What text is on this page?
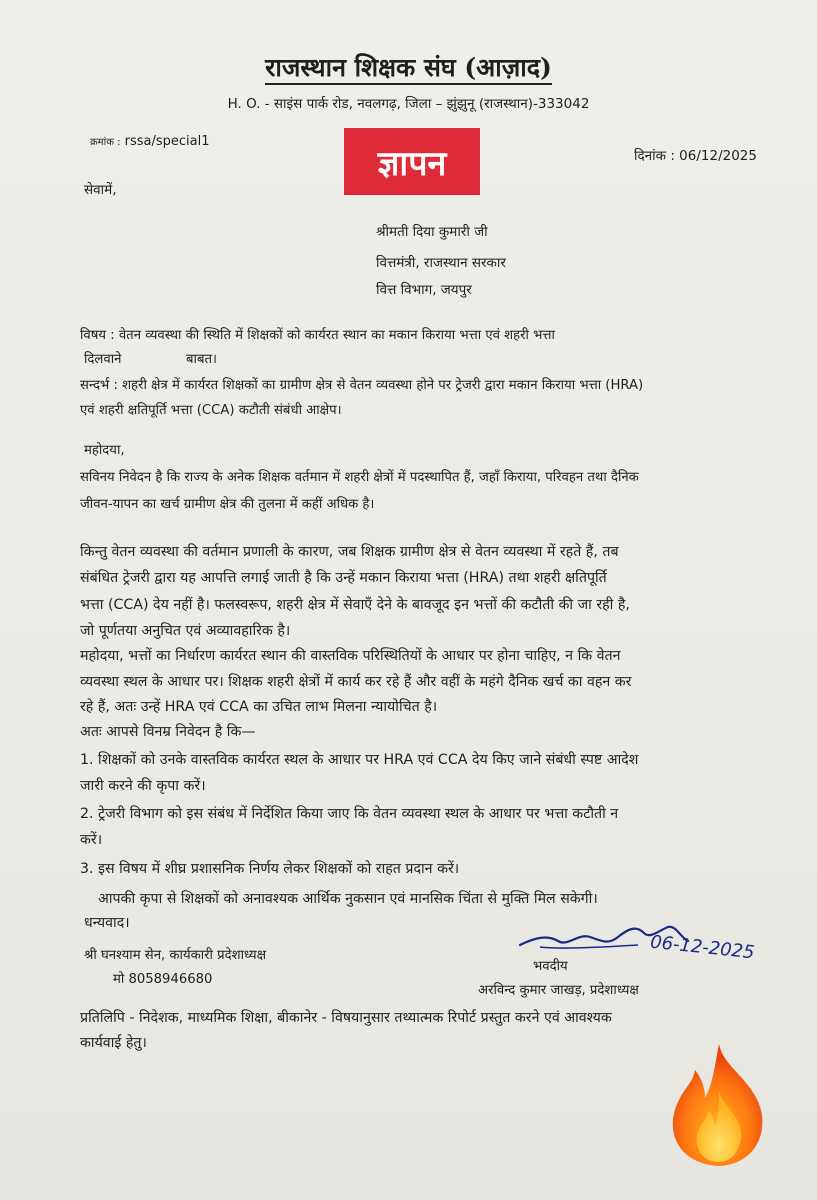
राजस्थान शिक्षक संघ (आज़ाद)
H. O. - साइंस पार्क रोड, नवलगढ़, जिला – झुंझुनू (राजस्थान)-333042
क्रमांक : rssa/special1
ज्ञापन	दिनांक : 06/12/2025
सेवामें,
श्रीमती दिया कुमारी जी
वित्तमंत्री, राजस्थान सरकार
वित्त विभाग, जयपुर
विषय : वेतन व्यवस्था की स्थिति में शिक्षकों को कार्यरत स्थान का मकान किराया भत्ता एवं शहरी भत्ता
दिलवाने	बाबत।
सन्दर्भ : शहरी क्षेत्र में कार्यरत शिक्षकों का ग्रामीण क्षेत्र से वेतन व्यवस्था होने पर ट्रेजरी द्वारा मकान किराया भत्ता (HRA)
एवं शहरी क्षतिपूर्ति भत्ता (CCA) कटौती संबंधी आक्षेप।
महोदया,
सविनय निवेदन है कि राज्य के अनेक शिक्षक वर्तमान में शहरी क्षेत्रों में पदस्थापित हैं, जहाँ किराया, परिवहन तथा दैनिक
जीवन-यापन का खर्च ग्रामीण क्षेत्र की तुलना में कहीं अधिक है।
किन्तु वेतन व्यवस्था की वर्तमान प्रणाली के कारण, जब शिक्षक ग्रामीण क्षेत्र से वेतन व्यवस्था में रहते हैं, तब
संबंधित ट्रेजरी द्वारा यह आपत्ति लगाई जाती है कि उन्हें मकान किराया भत्ता (HRA) तथा शहरी क्षतिपूर्ति
भत्ता (CCA) देय नहीं है। फलस्वरूप, शहरी क्षेत्र में सेवाएँ देने के बावजूद इन भत्तों की कटौती की जा रही है,
जो पूर्णतया अनुचित एवं अव्यावहारिक है।
महोदया, भत्तों का निर्धारण कार्यरत स्थान की वास्तविक परिस्थितियों के आधार पर होना चाहिए, न कि वेतन
व्यवस्था स्थल के आधार पर। शिक्षक शहरी क्षेत्रों में कार्य कर रहे हैं और वहीं के महंगे दैनिक खर्च का वहन कर
रहे हैं, अतः उन्हें HRA एवं CCA का उचित लाभ मिलना न्यायोचित है।
अतः आपसे विनम्र निवेदन है कि—
1. शिक्षकों को उनके वास्तविक कार्यरत स्थल के आधार पर HRA एवं CCA देय किए जाने संबंधी स्पष्ट आदेश
जारी करने की कृपा करें।
2. ट्रेजरी विभाग को इस संबंध में निर्देशित किया जाए कि वेतन व्यवस्था स्थल के आधार पर भत्ता कटौती न
करें।
3. इस विषय में शीघ्र प्रशासनिक निर्णय लेकर शिक्षकों को राहत प्रदान करें।
आपकी कृपा से शिक्षकों को अनावश्यक आर्थिक नुकसान एवं मानसिक चिंता से मुक्ति मिल सकेगी।
धन्यवाद।
श्री घनश्याम सेन, कार्यकारी प्रदेशाध्यक्ष
मो 8058946680
06-12-2025
भवदीय
अरविन्द कुमार जाखड़, प्रदेशाध्यक्ष
प्रतिलिपि - निदेशक, माध्यमिक शिक्षा, बीकानेर - विषयानुसार तथ्यात्मक रिपोर्ट प्रस्तुत करने एवं आवश्यक
कार्यवाई हेतु।
